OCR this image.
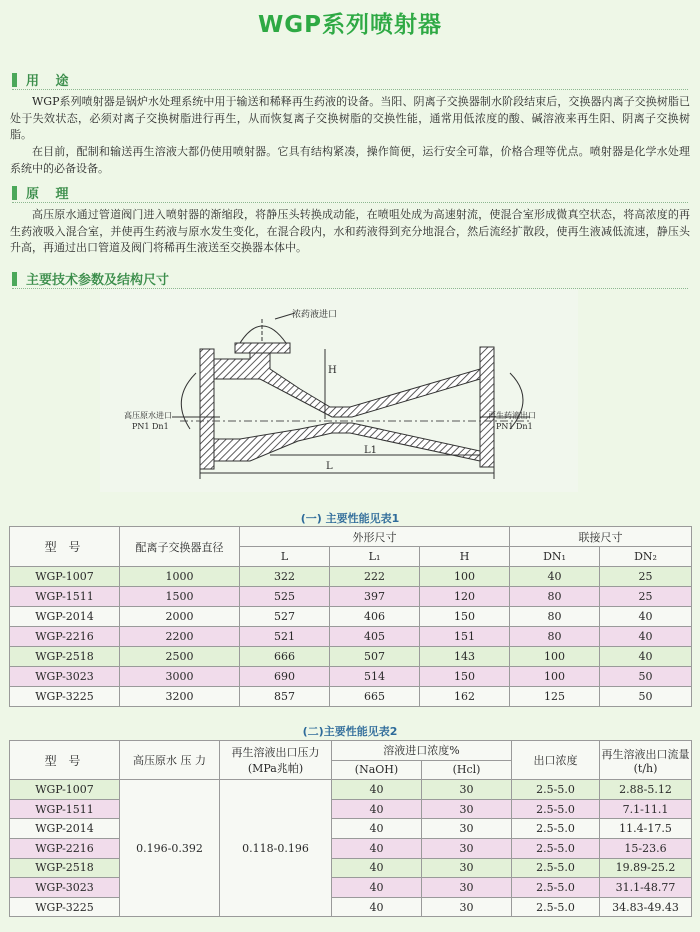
WGP系列喷射器
用 途
WGP系列喷射器是锅炉水处理系统中用于输送和稀释再生药液的设备。当阳、阴离子交换器制水阶段结束后，交换器内离子交换树脂已处于失效状态，必须对离子交换树脂进行再生，从而恢复离子交换树脂的交换性能，通常用低浓度的酸、碱溶液来再生阳、阴离子交换树脂。
在目前，配制和输送再生溶液大都仍使用喷射器。它具有结构紧凑，操作简便，运行安全可靠，价格合理等优点。喷射器是化学水处理系统中的必备设备。
原 理
高压原水通过管道阀门进入喷射器的渐缩段，将静压头转换成动能，在喷咀处成为高速射流，使混合室形成微真空状态，将高浓度的再生药液吸入混合室，并使再生药液与原水发生变化，在混合段内，水和药液得到充分地混合，然后流经扩散段，使再生液减低流速，静压头升高，再通过出口管道及阀门将稀再生液送至交换器本体中。
主要技术参数及结构尺寸
浓药液进口
H
高压原水进口
PN1 Dn1
再生药液出口
PN1 Dn1
L1
L
(一) 主要性能见表1
型 号	配离子交换器直径	外形尺寸			联接尺寸	
		L	L₁	H	DN₁	DN₂
WGP-1007	1000	322	222	100	40	25
WGP-1511	1500	525	397	120	80	25
WGP-2014	2000	527	406	150	80	40
WGP-2216	2200	521	405	151	80	40
WGP-2518	2500	666	507	143	100	40
WGP-3023	3000	690	514	150	100	50
WGP-3225	3200	857	665	162	125	50
(二)主要性能见表2
型 号	高压原水 压 力	再生溶液出口压力(MPa兆帕)	溶液进口浓度%		出口浓度	再生溶液出口流量(t/h)
			(NaOH)	(Hcl)		
WGP-1007	0.196-0.392	0.118-0.196	40	30	2.5-5.0	2.88-5.12
WGP-1511			40	30	2.5-5.0	7.1-11.1
WGP-2014			40	30	2.5-5.0	11.4-17.5
WGP-2216			40	30	2.5-5.0	15-23.6
WGP-2518			40	30	2.5-5.0	19.89-25.2
WGP-3023			40	30	2.5-5.0	31.1-48.77
WGP-3225			40	30	2.5-5.0	34.83-49.43
